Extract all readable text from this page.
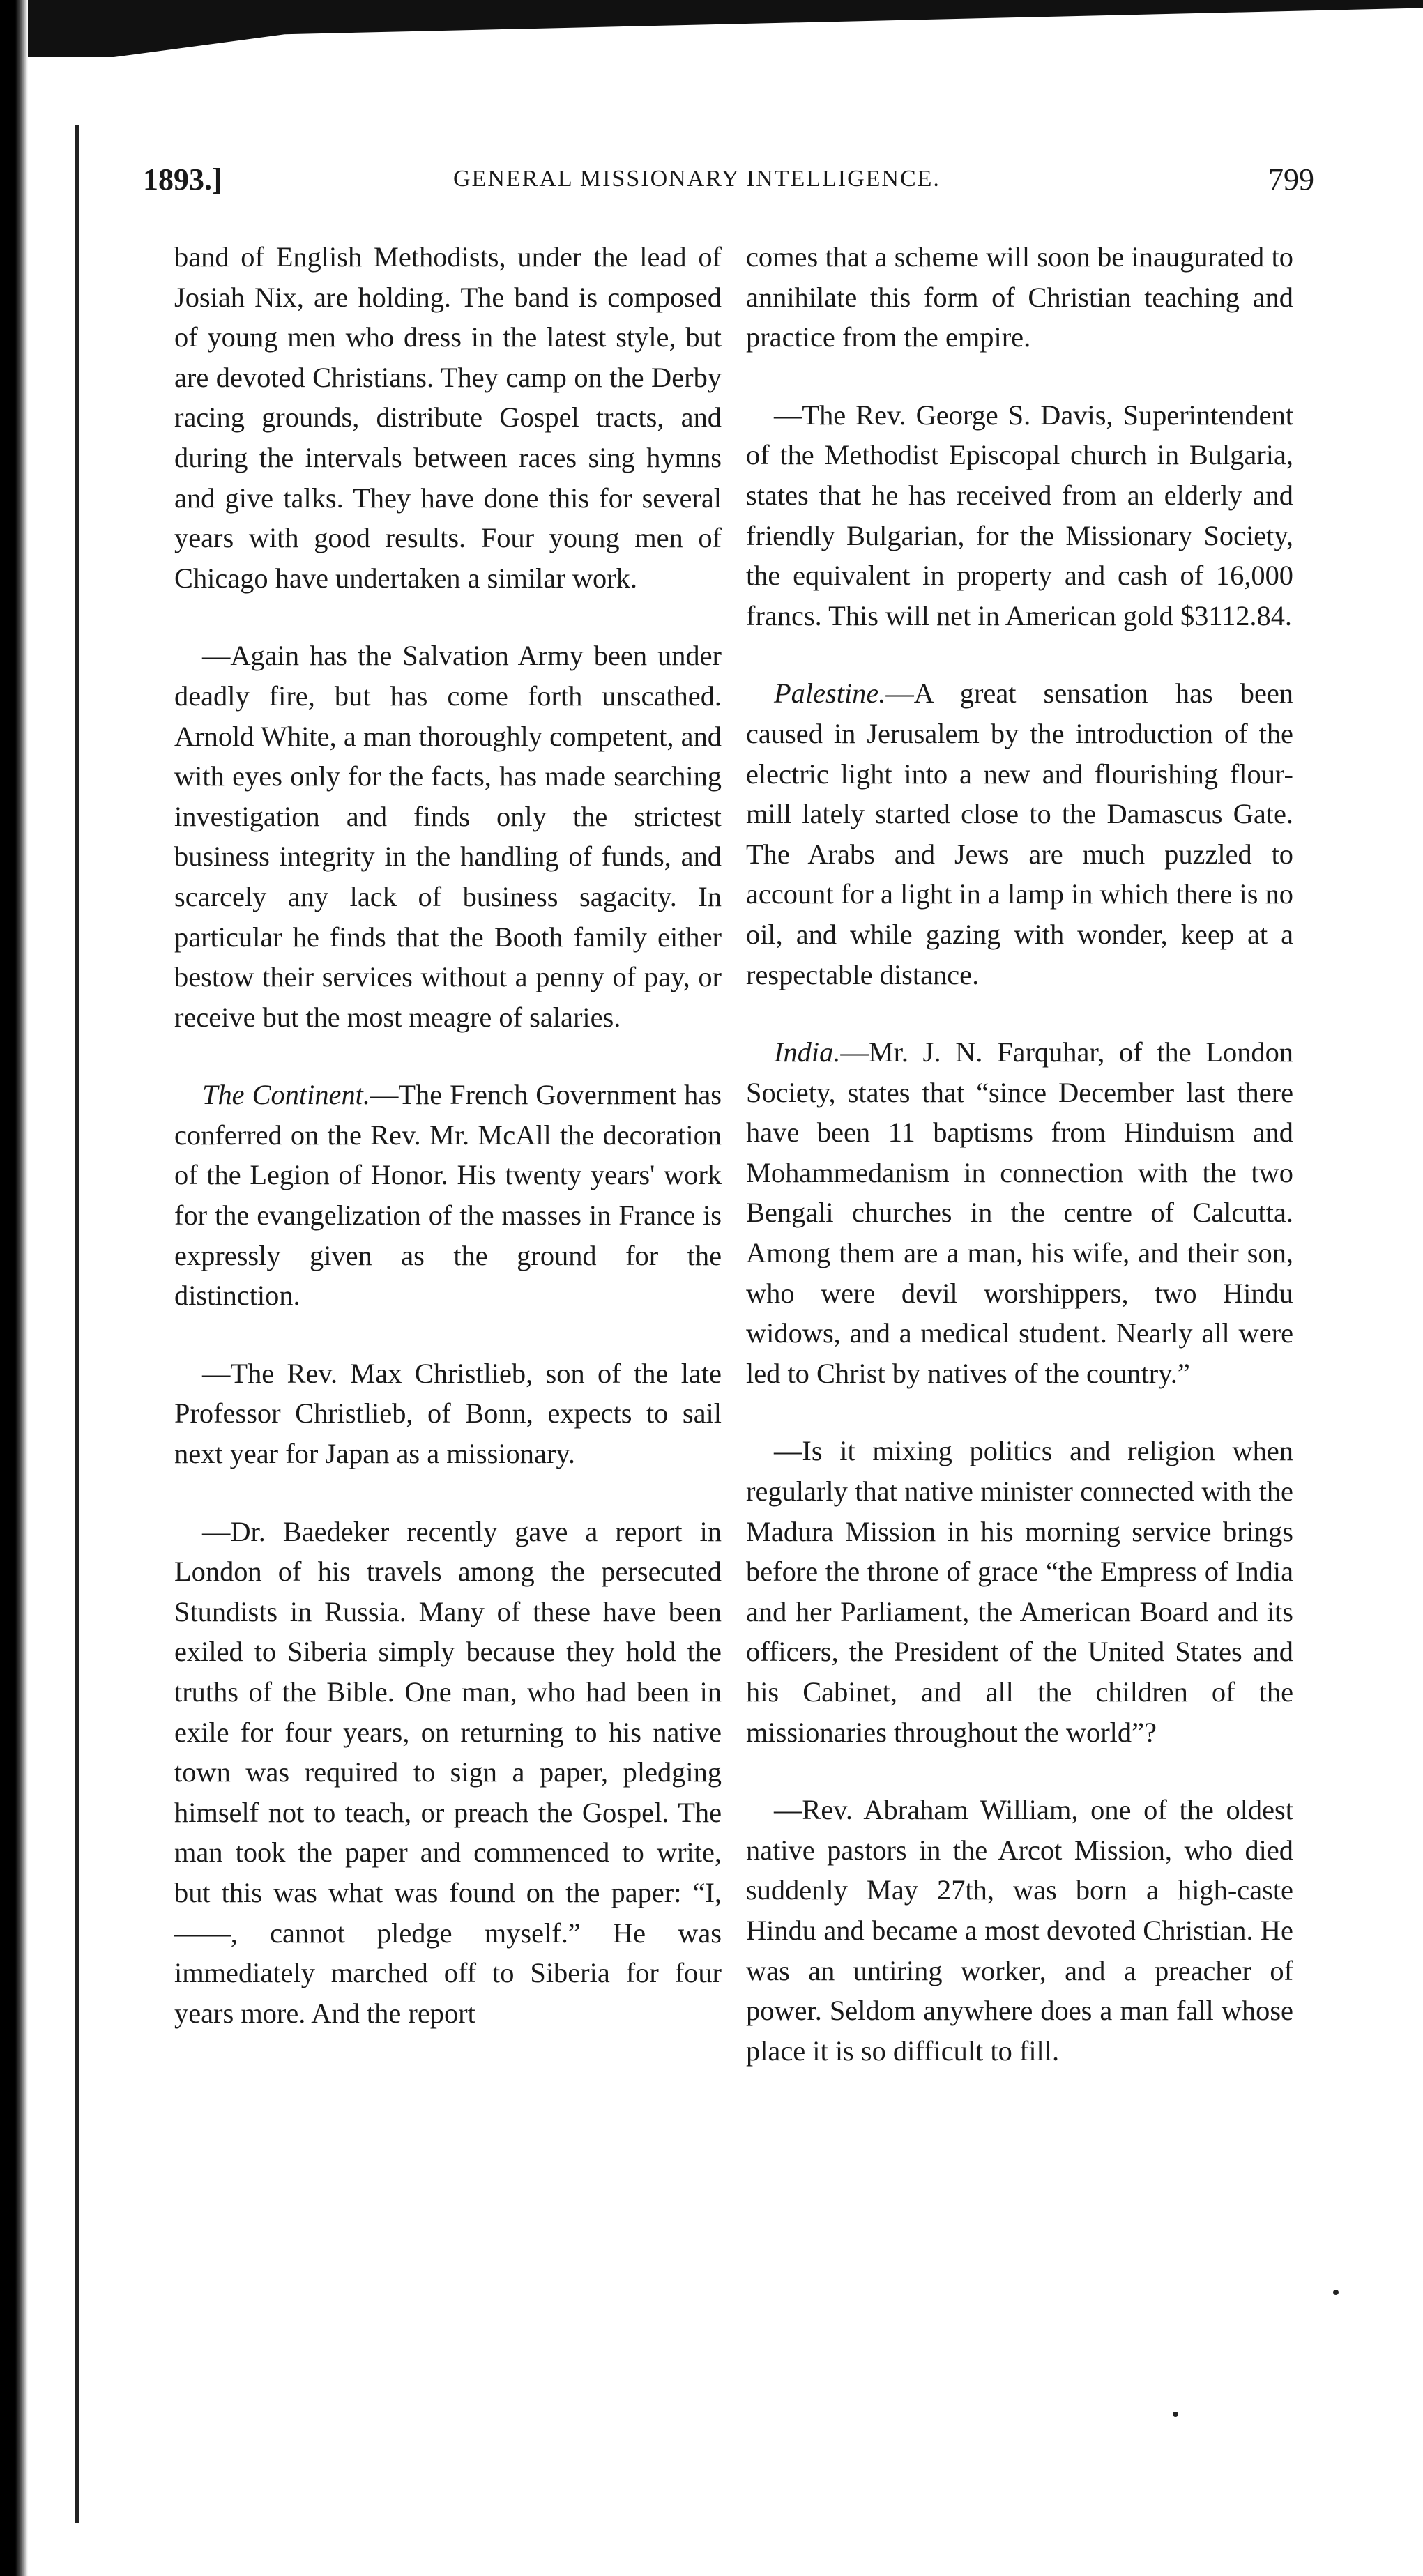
1893.]	GENERAL MISSIONARY INTELLIGENCE.	799

band of English Methodists, under the lead of Josiah Nix, are holding. The band is composed of young men who dress in the latest style, but are devoted Christians. They camp on the Derby racing grounds, distribute Gospel tracts, and during the intervals between races sing hymns and give talks. They have done this for several years with good results. Four young men of Chicago have undertaken a similar work.

—Again has the Salvation Army been under deadly fire, but has come forth unscathed. Arnold White, a man thoroughly competent, and with eyes only for the facts, has made searching investigation and finds only the strictest business integrity in the handling of funds, and scarcely any lack of business sagacity. In particular he finds that the Booth family either bestow their services without a penny of pay, or receive but the most meagre of salaries.

The Continent.—The French Government has conferred on the Rev. Mr. McAll the decoration of the Legion of Honor. His twenty years' work for the evangelization of the masses in France is expressly given as the ground for the distinction.

—The Rev. Max Christlieb, son of the late Professor Christlieb, of Bonn, expects to sail next year for Japan as a missionary.

—Dr. Baedeker recently gave a report in London of his travels among the persecuted Stundists in Russia. Many of these have been exiled to Siberia simply because they hold the truths of the Bible. One man, who had been in exile for four years, on returning to his native town was required to sign a paper, pledging himself not to teach, or preach the Gospel. The man took the paper and commenced to write, but this was what was found on the paper: “I, ——, cannot pledge myself.” He was immediately marched off to Siberia for four years more. And the report

comes that a scheme will soon be inaugurated to annihilate this form of Christian teaching and practice from the empire.

—The Rev. George S. Davis, Superintendent of the Methodist Episcopal church in Bulgaria, states that he has received from an elderly and friendly Bulgarian, for the Missionary Society, the equivalent in property and cash of 16,000 francs. This will net in American gold $3112.84.

Palestine.—A great sensation has been caused in Jerusalem by the introduction of the electric light into a new and flourishing flour-mill lately started close to the Damascus Gate. The Arabs and Jews are much puzzled to account for a light in a lamp in which there is no oil, and while gazing with wonder, keep at a respectable distance.

India.—Mr. J. N. Farquhar, of the London Society, states that “since December last there have been 11 baptisms from Hinduism and Mohammedanism in connection with the two Bengali churches in the centre of Calcutta. Among them are a man, his wife, and their son, who were devil worshippers, two Hindu widows, and a medical student. Nearly all were led to Christ by natives of the country.”

—Is it mixing politics and religion when regularly that native minister connected with the Madura Mission in his morning service brings before the throne of grace “the Empress of India and her Parliament, the American Board and its officers, the President of the United States and his Cabinet, and all the children of the missionaries throughout the world”?

—Rev. Abraham William, one of the oldest native pastors in the Arcot Mission, who died suddenly May 27th, was born a high-caste Hindu and became a most devoted Christian. He was an untiring worker, and a preacher of power. Seldom anywhere does a man fall whose place it is so difficult to fill.
